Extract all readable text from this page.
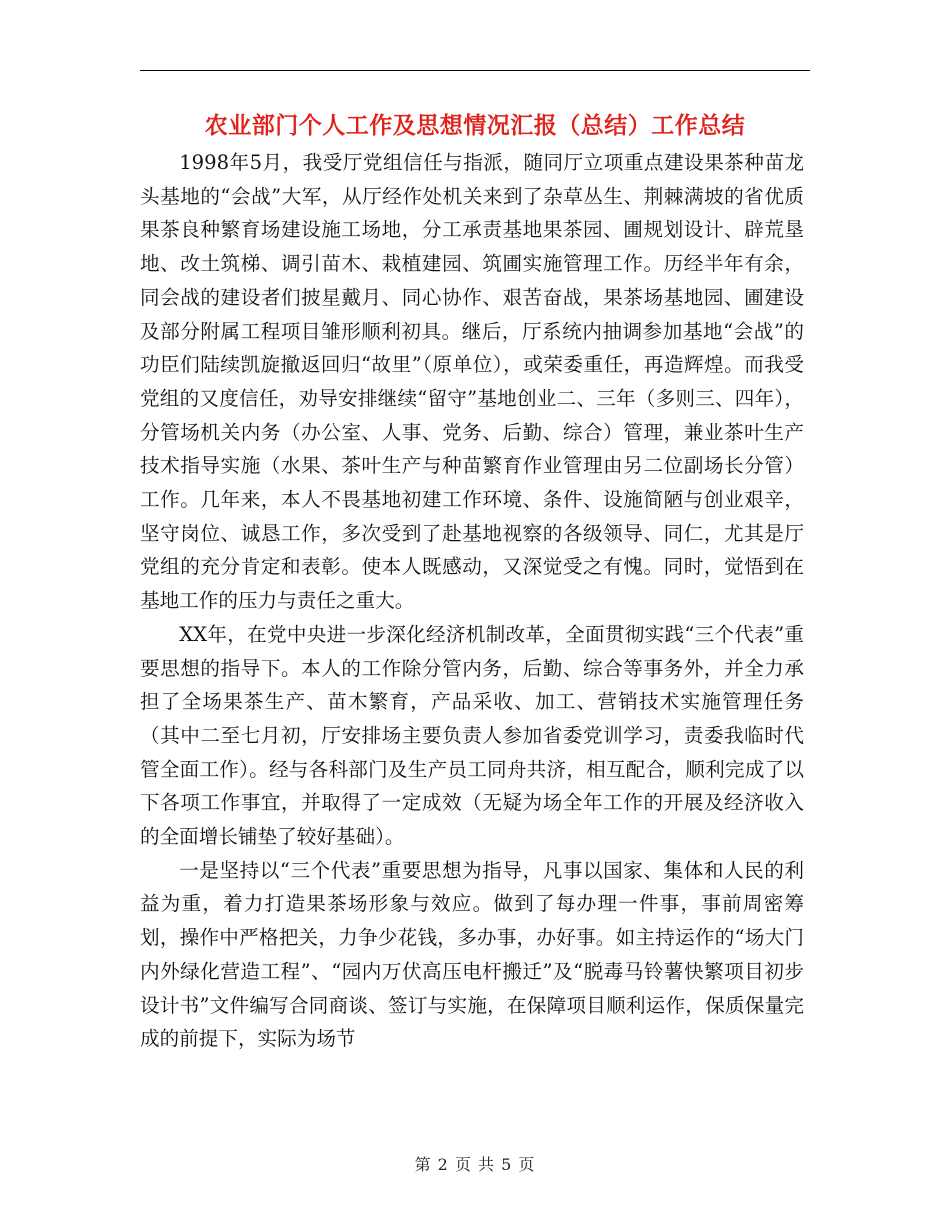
农业部门个人工作及思想情况汇报（总结）工作总结

1998年5月，我受厅党组信任与指派，随同厅立项重点建设果茶种苗龙头基地的“会战”大军，从厅经作处机关来到了杂草丛生、荆棘满坡的省优质果茶良种繁育场建设施工场地，分工承责基地果茶园、圃规划设计、辟荒垦地、改土筑梯、调引苗木、栽植建园、筑圃实施管理工作。历经半年有余，同会战的建设者们披星戴月、同心协作、艰苦奋战，果茶场基地园、圃建设及部分附属工程项目雏形顺利初具。继后，厅系统内抽调参加基地“会战”的功臣们陆续凯旋撤返回归“故里”（原单位），或荣委重任，再造辉煌。而我受党组的又度信任，劝导安排继续“留守”基地创业二、三年（多则三、四年），分管场机关内务（办公室、人事、党务、后勤、综合）管理，兼业茶叶生产技术指导实施（水果、茶叶生产与种苗繁育作业管理由另二位副场长分管）工作。几年来，本人不畏基地初建工作环境、条件、设施简陋与创业艰辛，坚守岗位、诚恳工作，多次受到了赴基地视察的各级领导、同仁，尤其是厅党组的充分肯定和表彰。使本人既感动，又深觉受之有愧。同时，觉悟到在基地工作的压力与责任之重大。

XX年，在党中央进一步深化经济机制改革，全面贯彻实践“三个代表”重要思想的指导下。本人的工作除分管内务，后勤、综合等事务外，并全力承担了全场果茶生产、苗木繁育，产品采收、加工、营销技术实施管理任务（其中二至七月初，厅安排场主要负责人参加省委党训学习，责委我临时代管全面工作）。经与各科部门及生产员工同舟共济，相互配合，顺利完成了以下各项工作事宜，并取得了一定成效（无疑为场全年工作的开展及经济收入的全面增长铺垫了较好基础）。

一是坚持以“三个代表”重要思想为指导，凡事以国家、集体和人民的利益为重，着力打造果茶场形象与效应。做到了每办理一件事，事前周密筹划，操作中严格把关，力争少花钱，多办事，办好事。如主持运作的“场大门内外绿化营造工程”、“园内万伏高压电杆搬迁”及“脱毒马铃薯快繁项目初步设计书”文件编写合同商谈、签订与实施，在保障项目顺利运作，保质保量完成的前提下，实际为场节

第 2 页 共 5 页
